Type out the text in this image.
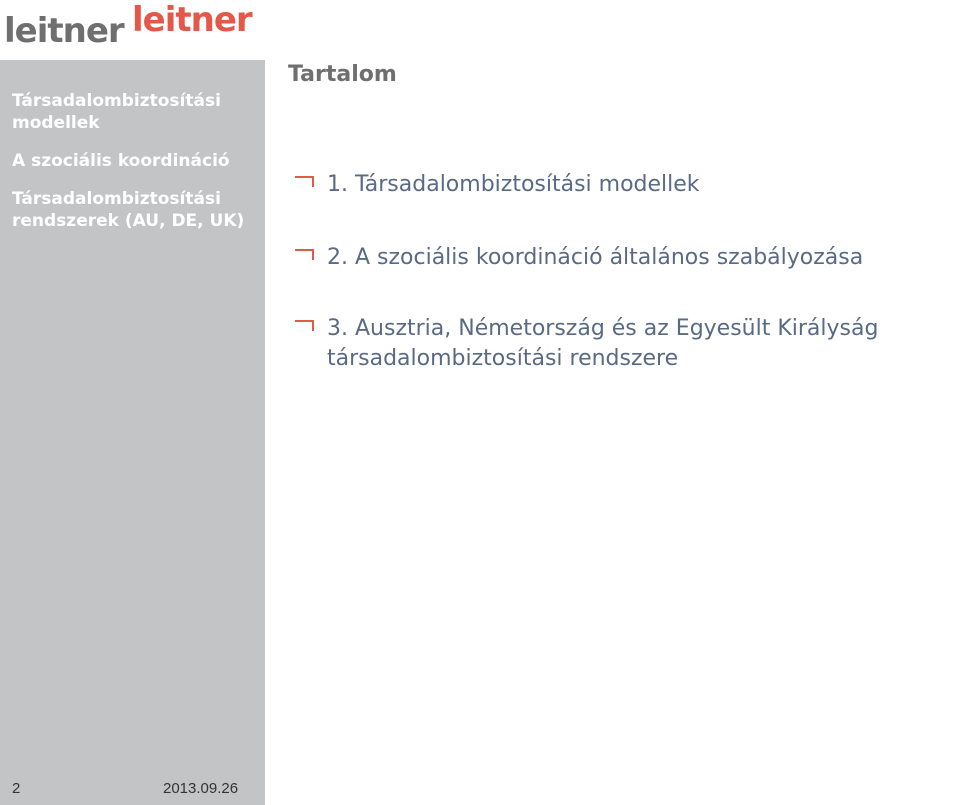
leitner leitner
Társadalombiztosítási modellek
A szociális koordináció
Társadalombiztosítási rendszerek (AU, DE, UK)
2	2013.09.26
Tartalom
1. Társadalombiztosítási modellek
2. A szociális koordináció általános szabályozása
3. Ausztria, Németország és az Egyesült Királyság társadalombiztosítási rendszere
